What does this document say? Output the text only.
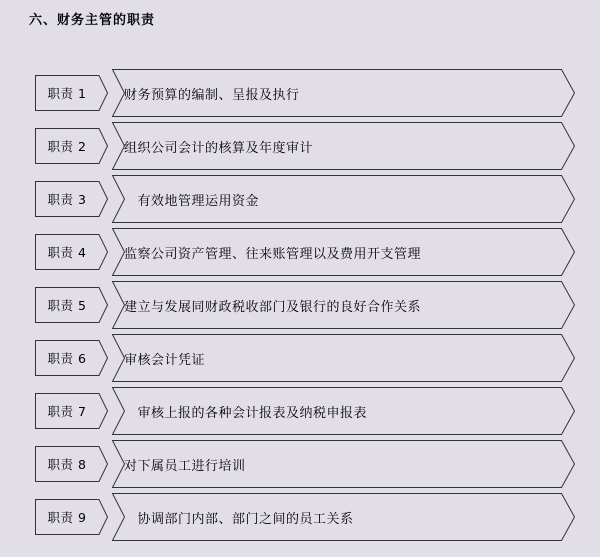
六、财务主管的职责
职责 1	财务预算的编制、呈报及执行
职责 2	组织公司会计的核算及年度审计
职责 3	　有效地管理运用资金
职责 4	监察公司资产管理、往来账管理以及费用开支管理
职责 5	建立与发展同财政税收部门及银行的良好合作关系
职责 6	审核会计凭证
职责 7	　审核上报的各种会计报表及纳税申报表
职责 8	对下属员工进行培训
职责 9	　协调部门内部、部门之间的员工关系
